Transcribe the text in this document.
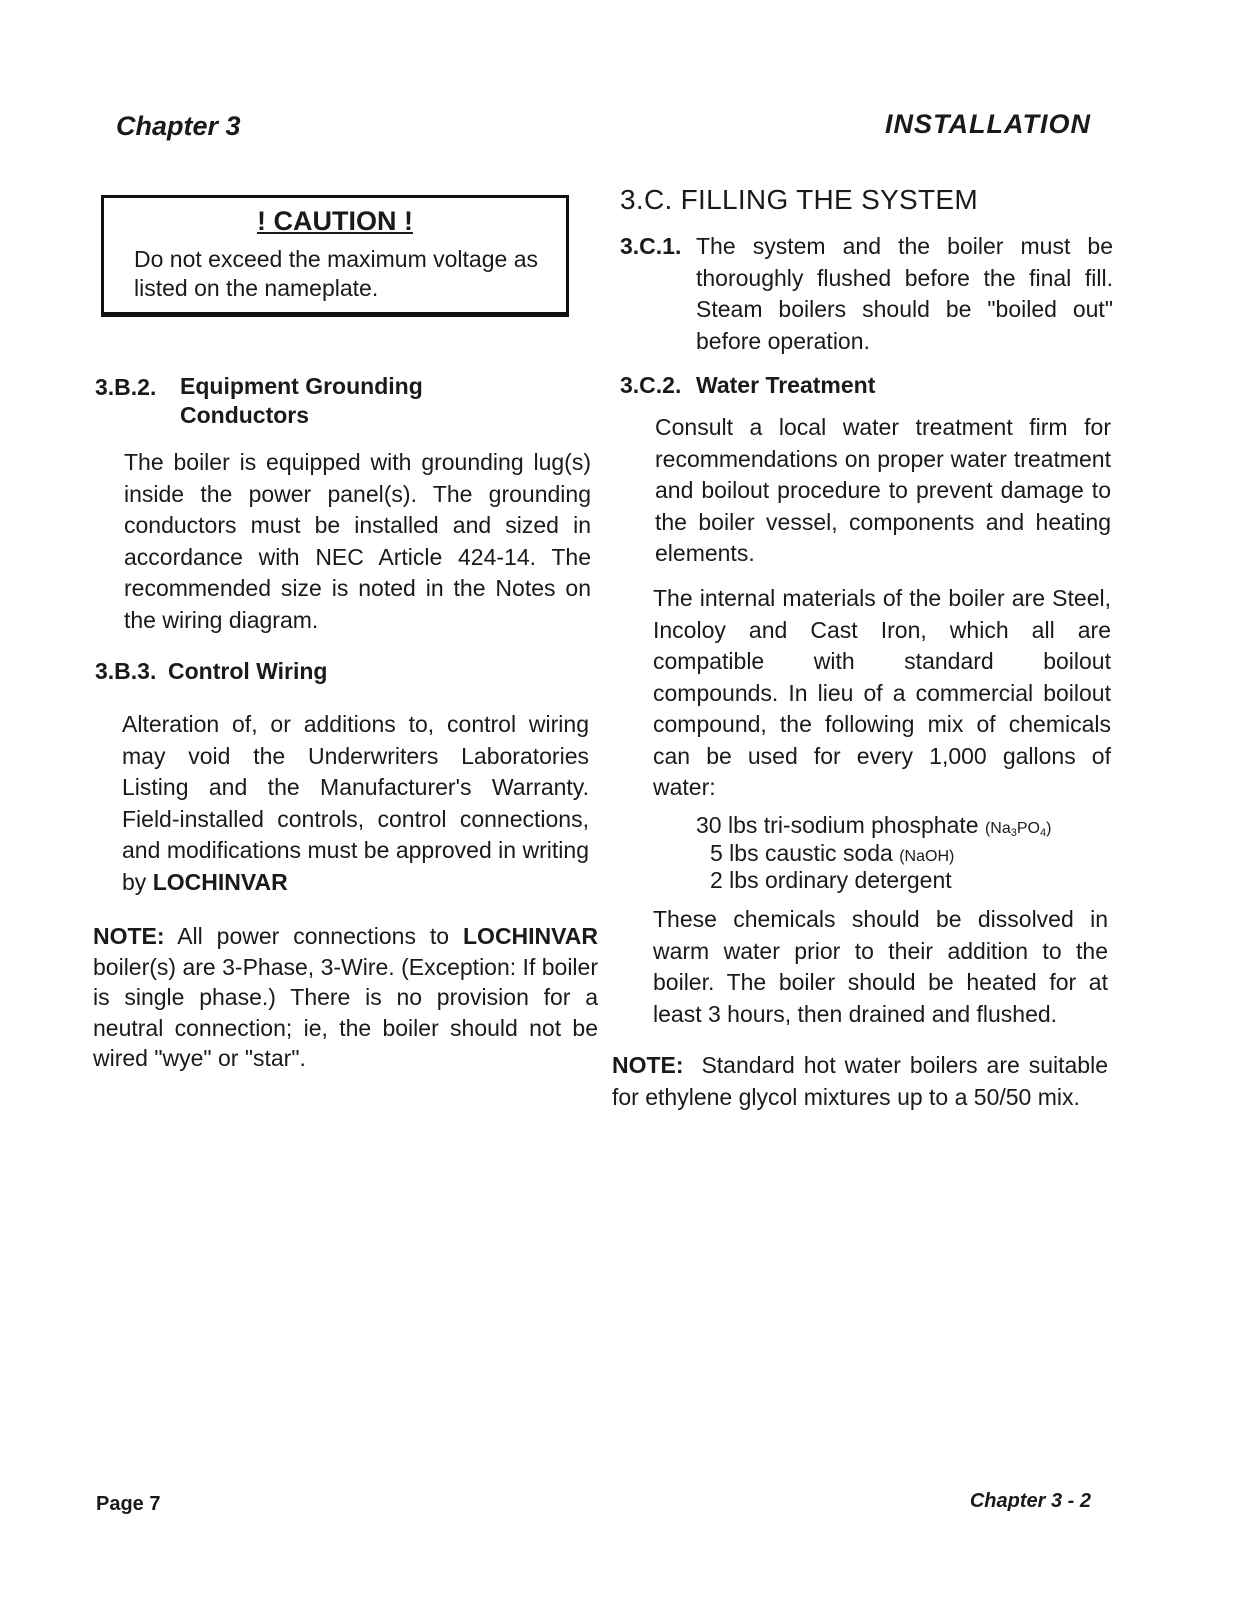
Chapter 3	INSTALLATION
! CAUTION !
Do not exceed the maximum voltage as listed on the nameplate.
3.B.2. Equipment Grounding
Conductors

The boiler is equipped with grounding lug(s) inside the power panel(s). The grounding conductors must be installed and sized in accordance with NEC Article 424-14. The recommended size is noted in the Notes on the wiring diagram.

3.B.3. Control Wiring

Alteration of, or additions to, control wiring may void the Underwriters Laboratories Listing and the Manufacturer's Warranty. Field-installed controls, control connections, and modifications must be approved in writing by LOCHINVAR

NOTE: All power connections to LOCHINVAR boiler(s) are 3-Phase, 3-Wire. (Exception: If boiler is single phase.) There is no provision for a neutral connection; ie, the boiler should not be wired "wye" or "star".

3.C. FILLING THE SYSTEM
3.C.1. The system and the boiler must be thoroughly flushed before the final fill. Steam boilers should be "boiled out" before operation.

3.C.2. Water Treatment

Consult a local water treatment firm for recommendations on proper water treatment and boilout procedure to prevent damage to the boiler vessel, components and heating elements.

The internal materials of the boiler are Steel, Incoloy and Cast Iron, which all are compatible with standard boilout compounds. In lieu of a commercial boilout compound, the following mix of chemicals can be used for every 1,000 gallons of water:

30 lbs tri-sodium phosphate $(Na_3PO_4)$
5 lbs caustic soda (NaOH)
2 lbs ordinary detergent

These chemicals should be dissolved in warm water prior to their addition to the boiler. The boiler should be heated for at least 3 hours, then drained and flushed.

NOTE: Standard hot water boilers are suitable for ethylene glycol mixtures up to a 50/50 mix.

Page 7	Chapter 3 - 2
